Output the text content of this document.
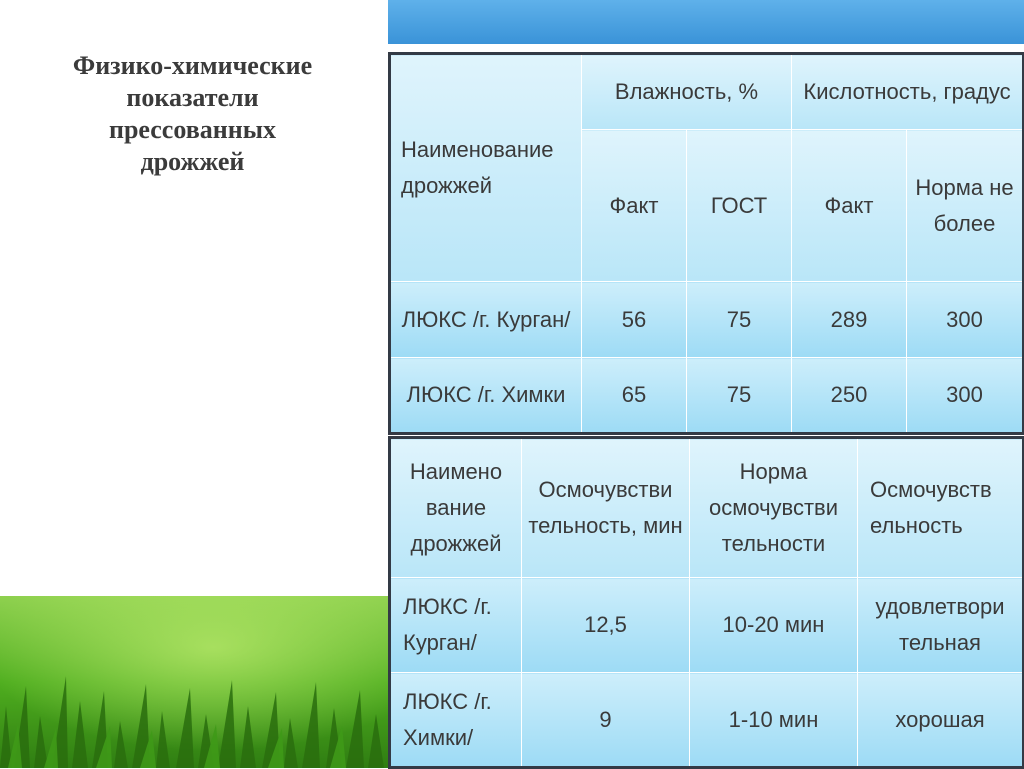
Физико-химические
показатели
прессованных
дрожжей	Наименование дрожжей	Влажность, %		Кислотность, градус	
	Факт	ГОСТ	Факт	Норма не более
ЛЮКС /г. Курган/	56	75	289	300
ЛЮКС /г. Химки	65	75	250	300
Наимено вание дрожжей	Осмочувстви тельность, мин	Норма осмочувстви тельности	Осмочувств ельность
ЛЮКС /г. Курган/	12,5	10-20 мин	удовлетвори тельная
ЛЮКС /г. Химки/	9	1-10 мин	хорошая
